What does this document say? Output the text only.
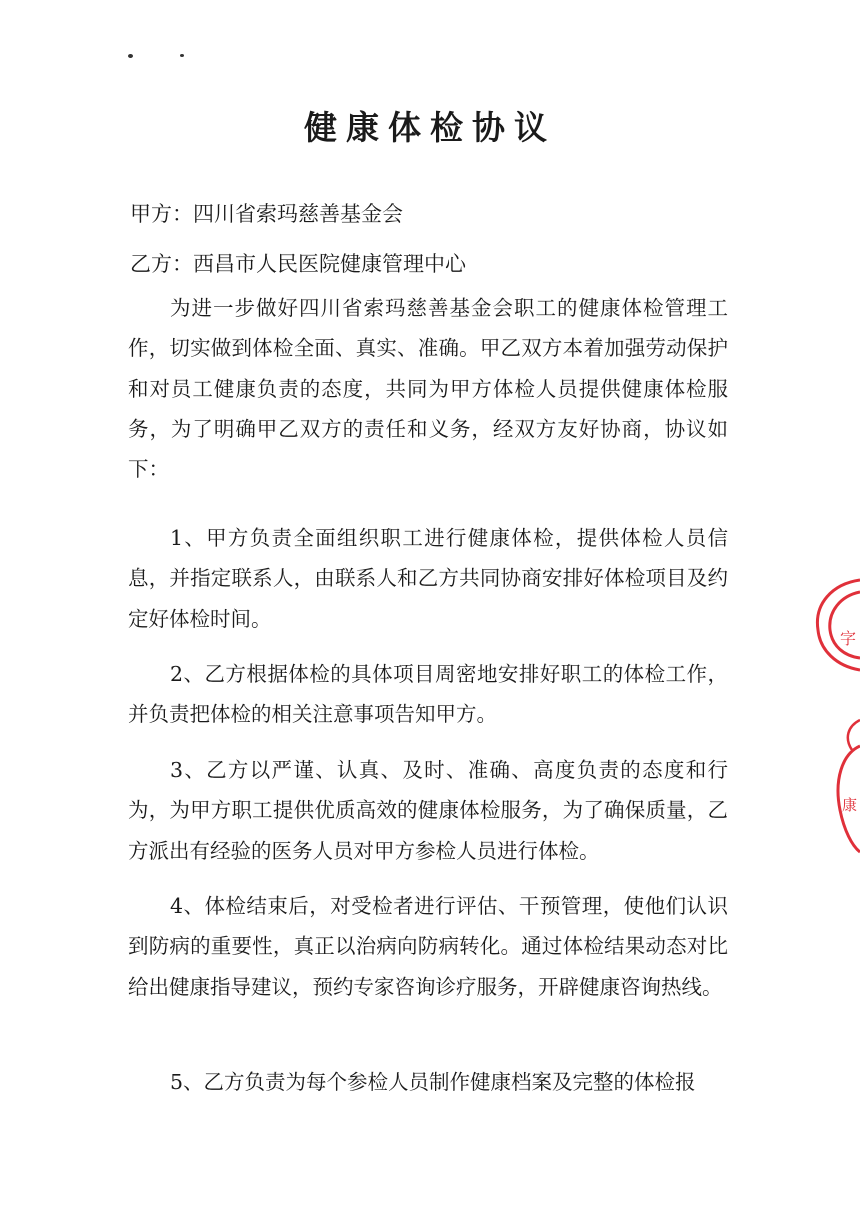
健康体检协议
甲方：四川省索玛慈善基金会
乙方：西昌市人民医院健康管理中心

为进一步做好四川省索玛慈善基金会职工的健康体检管理工作，切实做到体检全面、真实、准确。甲乙双方本着加强劳动保护和对员工健康负责的态度，共同为甲方体检人员提供健康体检服务，为了明确甲乙双方的责任和义务，经双方友好协商，协议如下：

1、甲方负责全面组织职工进行健康体检，提供体检人员信息，并指定联系人，由联系人和乙方共同协商安排好体检项目及约定好体检时间。

2、乙方根据体检的具体项目周密地安排好职工的体检工作，并负责把体检的相关注意事项告知甲方。

3、乙方以严谨、认真、及时、准确、高度负责的态度和行为，为甲方职工提供优质高效的健康体检服务，为了确保质量，乙方派出有经验的医务人员对甲方参检人员进行体检。

4、体检结束后，对受检者进行评估、干预管理，使他们认识到防病的重要性，真正以治病向防病转化。通过体检结果动态对比给出健康指导建议，预约专家咨询诊疗服务，开辟健康咨询热线。

5、乙方负责为每个参检人员制作健康档案及完整的体检报

字
康
